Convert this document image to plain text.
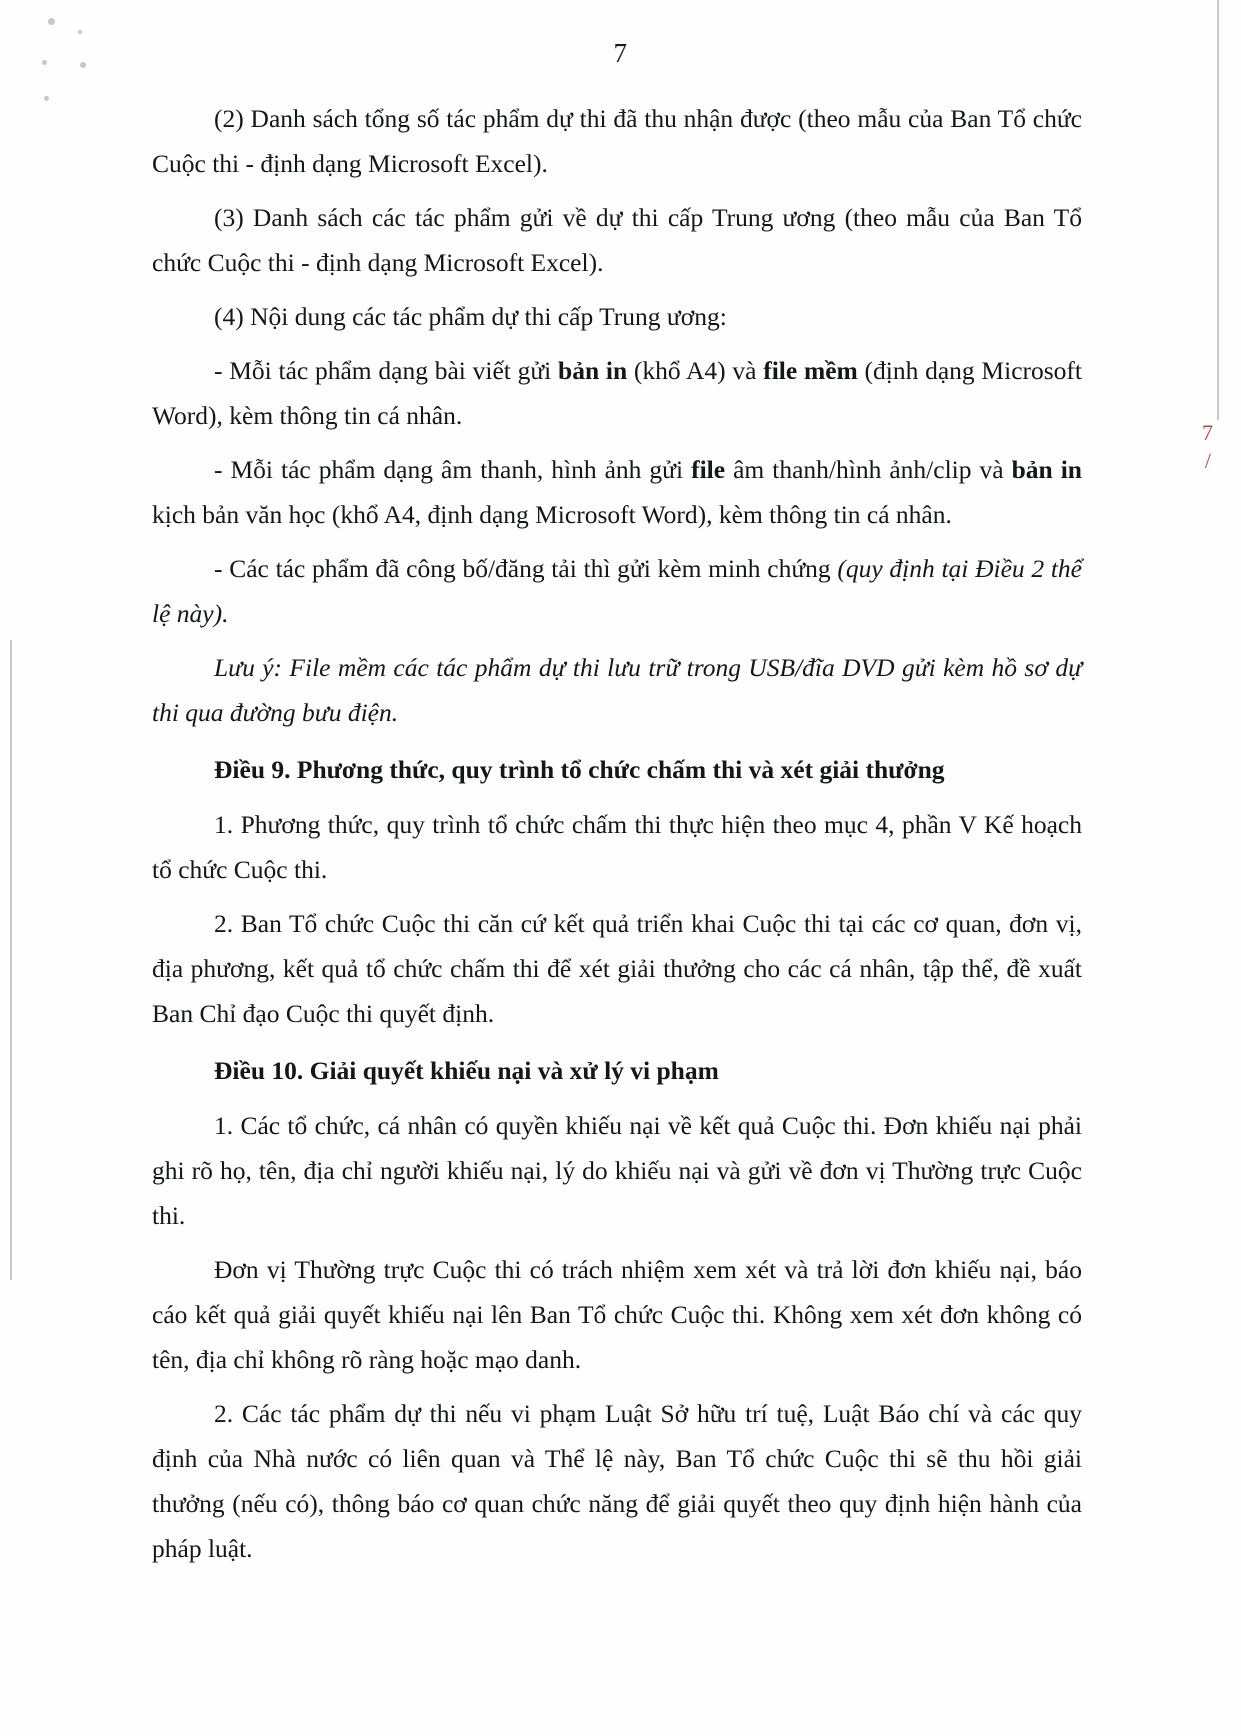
7
/
7

(2) Danh sách tổng số tác phẩm dự thi đã thu nhận được (theo mẫu của Ban Tổ chức Cuộc thi - định dạng Microsoft Excel).

(3) Danh sách các tác phẩm gửi về dự thi cấp Trung ương (theo mẫu của Ban Tổ chức Cuộc thi - định dạng Microsoft Excel).

(4) Nội dung các tác phẩm dự thi cấp Trung ương:

- Mỗi tác phẩm dạng bài viết gửi bản in (khổ A4) và file mềm (định dạng Microsoft Word), kèm thông tin cá nhân.

- Mỗi tác phẩm dạng âm thanh, hình ảnh gửi file âm thanh/hình ảnh/clip và bản in kịch bản văn học (khổ A4, định dạng Microsoft Word), kèm thông tin cá nhân.

- Các tác phẩm đã công bố/đăng tải thì gửi kèm minh chứng (quy định tại Điều 2 thể lệ này).

Lưu ý: File mềm các tác phẩm dự thi lưu trữ trong USB/đĩa DVD gửi kèm hồ sơ dự thi qua đường bưu điện.

Điều 9. Phương thức, quy trình tổ chức chấm thi và xét giải thưởng

1. Phương thức, quy trình tổ chức chấm thi thực hiện theo mục 4, phần V Kế hoạch tổ chức Cuộc thi.

2. Ban Tổ chức Cuộc thi căn cứ kết quả triển khai Cuộc thi tại các cơ quan, đơn vị, địa phương, kết quả tổ chức chấm thi để xét giải thưởng cho các cá nhân, tập thể, đề xuất Ban Chỉ đạo Cuộc thi quyết định.

Điều 10. Giải quyết khiếu nại và xử lý vi phạm

1. Các tổ chức, cá nhân có quyền khiếu nại về kết quả Cuộc thi. Đơn khiếu nại phải ghi rõ họ, tên, địa chỉ người khiếu nại, lý do khiếu nại và gửi về đơn vị Thường trực Cuộc thi.

Đơn vị Thường trực Cuộc thi có trách nhiệm xem xét và trả lời đơn khiếu nại, báo cáo kết quả giải quyết khiếu nại lên Ban Tổ chức Cuộc thi. Không xem xét đơn không có tên, địa chỉ không rõ ràng hoặc mạo danh.

2. Các tác phẩm dự thi nếu vi phạm Luật Sở hữu trí tuệ, Luật Báo chí và các quy định của Nhà nước có liên quan và Thể lệ này, Ban Tổ chức Cuộc thi sẽ thu hồi giải thưởng (nếu có), thông báo cơ quan chức năng để giải quyết theo quy định hiện hành của pháp luật.
